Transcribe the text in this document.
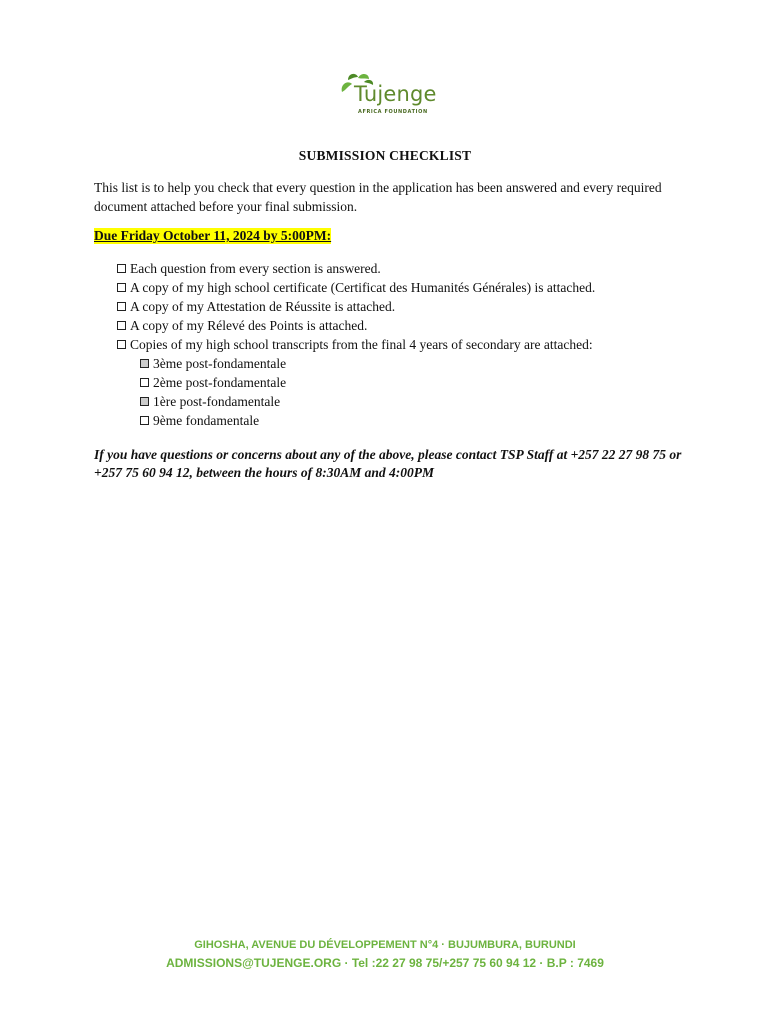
Tujenge
AFRICA FOUNDATION
SUBMISSION CHECKLIST
This list is to help you check that every question in the application has been answered and every required document attached before your final submission.
Due Friday October 11, 2024 by 5:00PM:
Each question from every section is answered.
A copy of my high school certificate (Certificat des Humanités Générales) is attached.
A copy of my Attestation de Réussite is attached.
A copy of my Rélevé des Points is attached.
Copies of my high school transcripts from the final 4 years of secondary are attached:
3ème post-fondamentale
2ème post-fondamentale
1ère post-fondamentale
9ème fondamentale
If you have questions or concerns about any of the above, please contact TSP Staff at +257 22 27 98 75 or +257 75 60 94 12, between the hours of 8:30AM and 4:00PM
GIHOSHA, AVENUE DU DÉVELOPPEMENT N°4 · BUJUMBURA, BURUNDI
ADMISSIONS@TUJENGE.ORG · Tel :22 27 98 75/+257 75 60 94 12 · B.P : 7469
